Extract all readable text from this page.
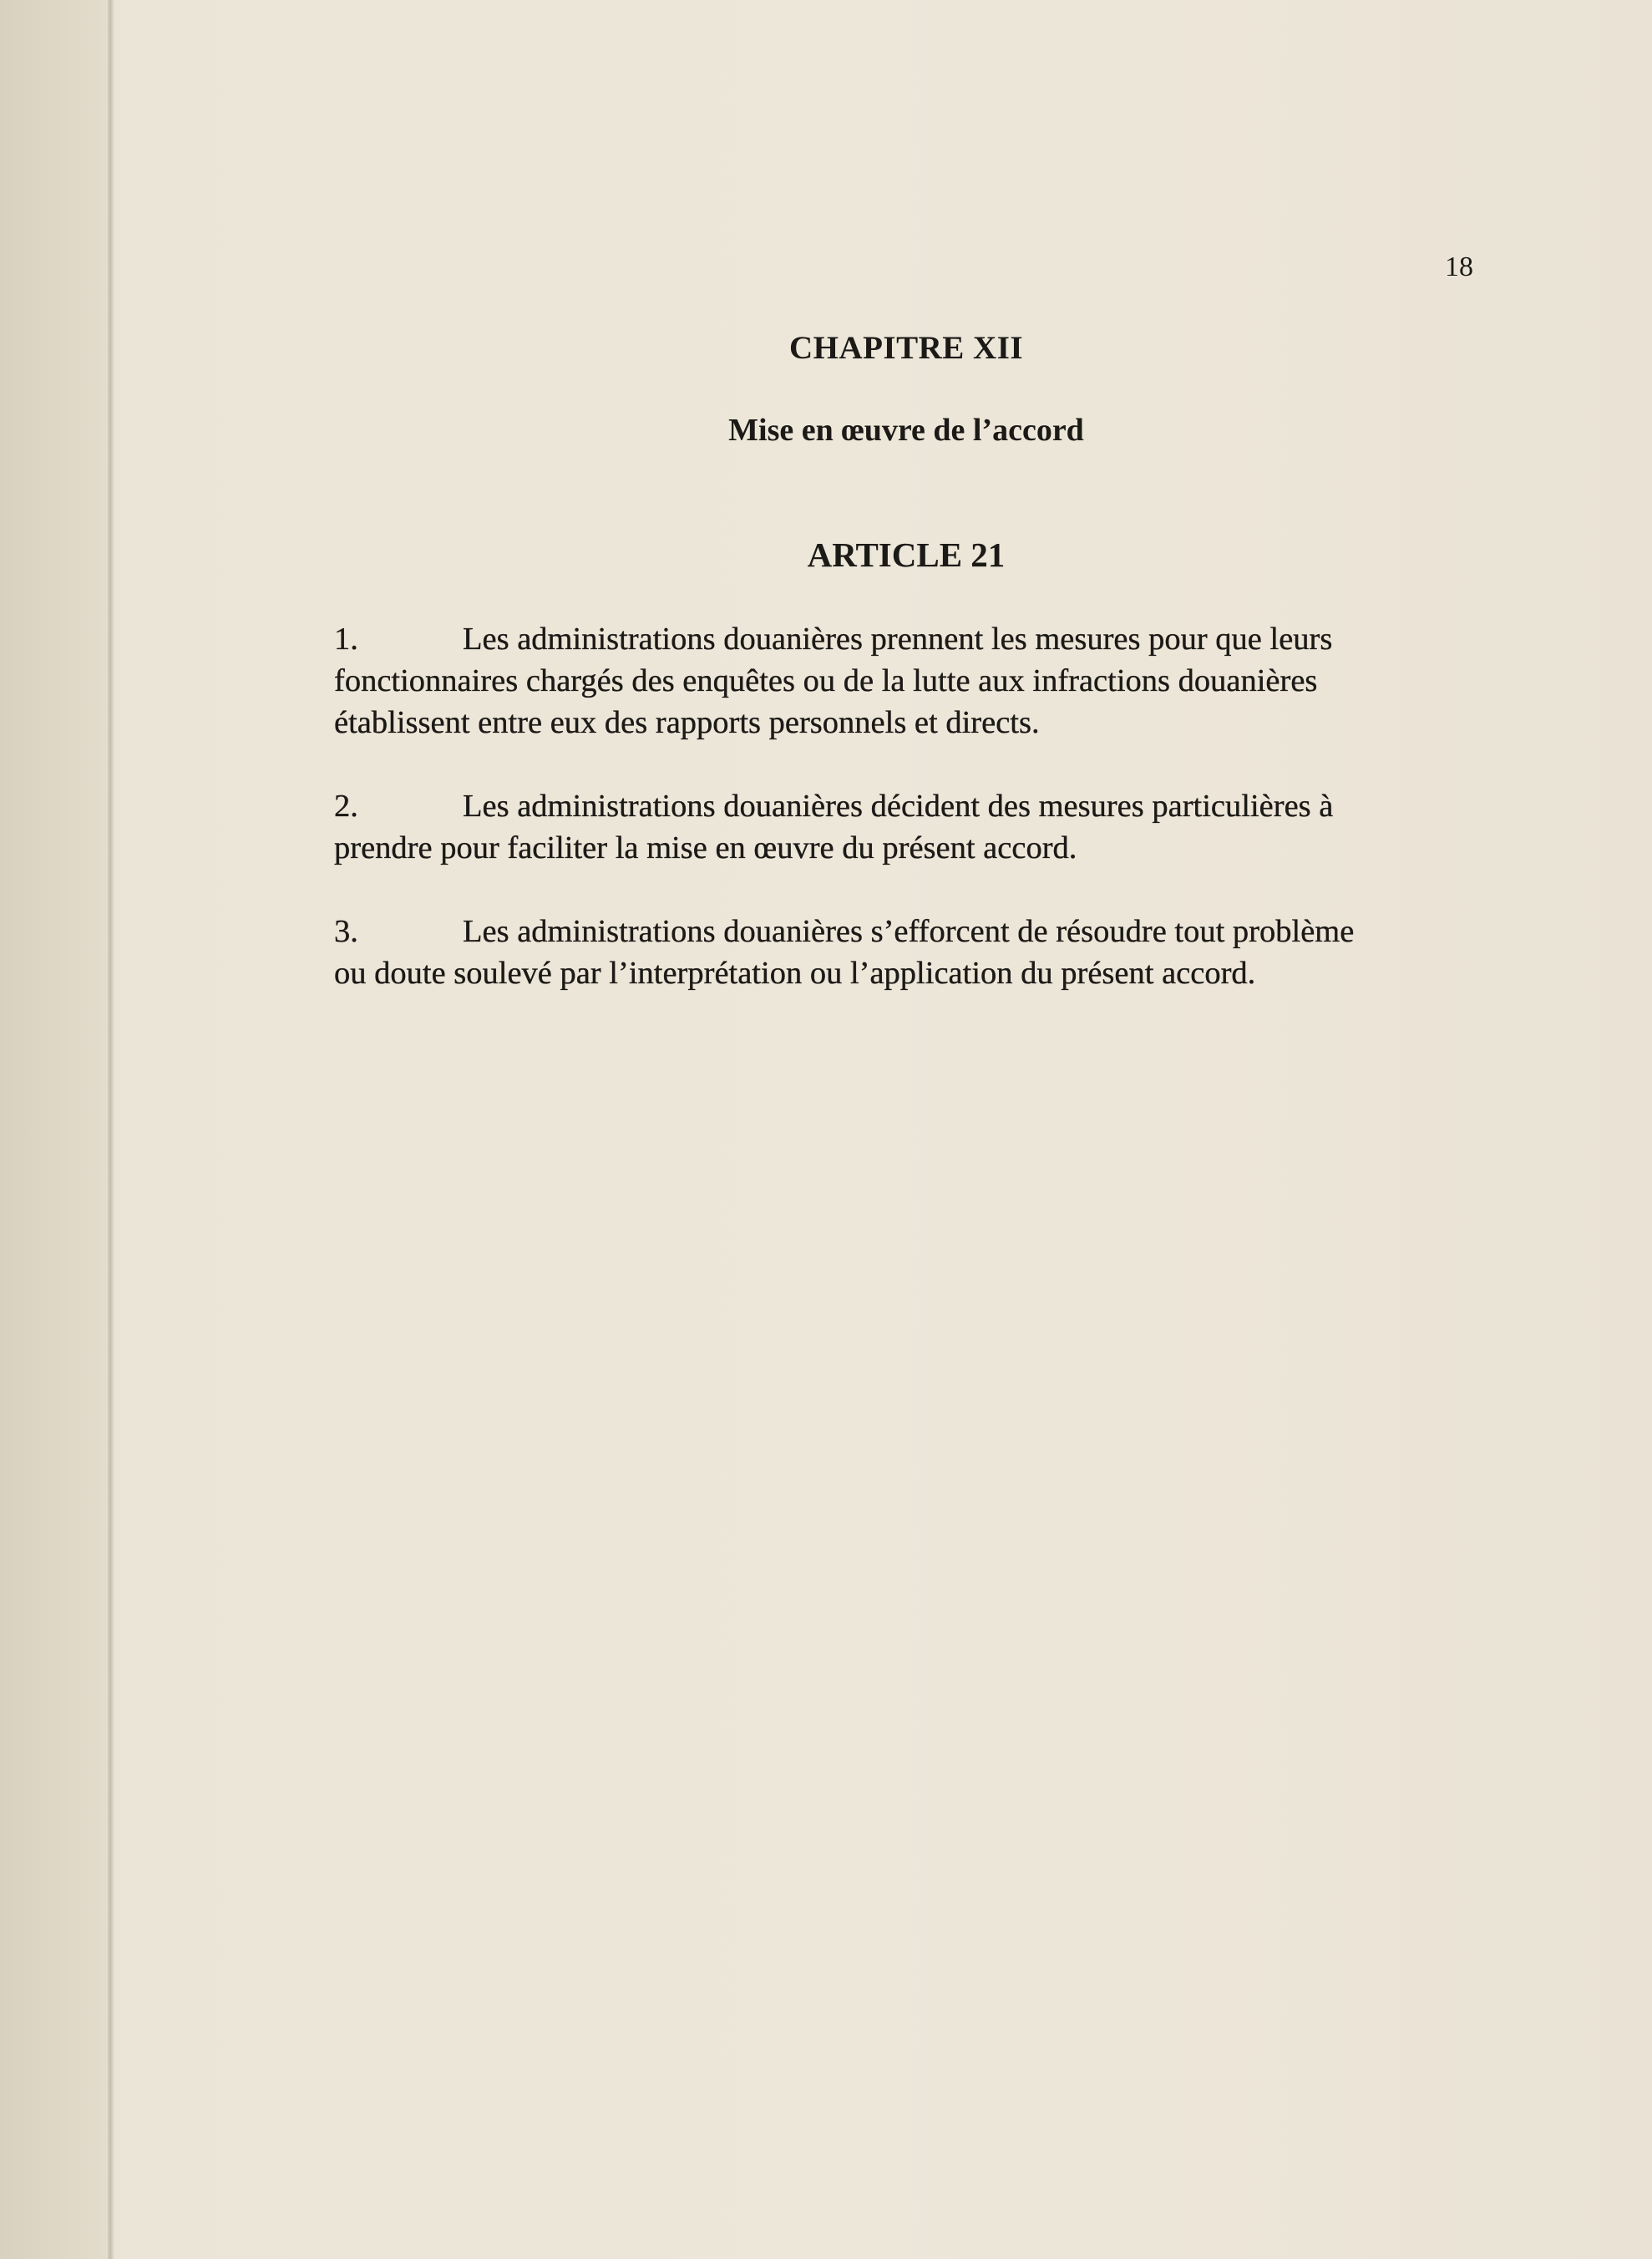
18
CHAPITRE XII
Mise en œuvre de l’accord
ARTICLE 21
1.	Les administrations douanières prennent les mesures pour que leurs
fonctionnaires chargés des enquêtes ou de la lutte aux infractions douanières
établissent entre eux des rapports personnels et directs.
2.	Les administrations douanières décident des mesures particulières à
prendre pour faciliter la mise en œuvre du présent accord.
3.	Les administrations douanières s’efforcent de résoudre tout problème
ou doute soulevé par l’interprétation ou l’application du présent accord.
